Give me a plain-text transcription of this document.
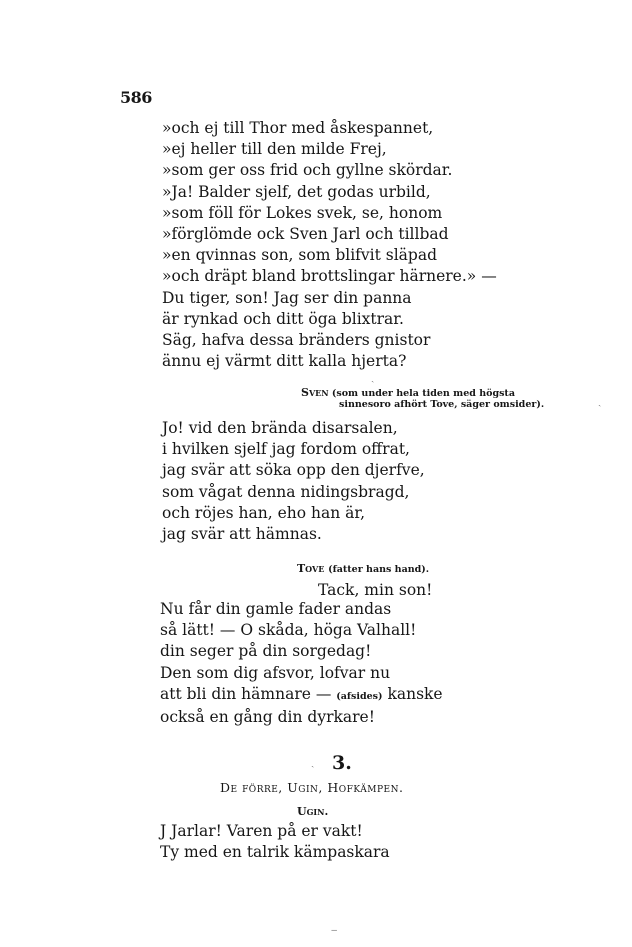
586
»och ej till Thor med åskespannet,
»ej heller till den milde Frej,
»som ger oss frid och gyllne skördar.
»Ja! Balder sjelf, det godas urbild,
»som föll för Lokes svek, se, honom
»förglömde ock Sven Jarl och tillbad
»en qvinnas son, som blifvit släpad
»och dräpt bland brottslingar härnere.» —
Du tiger, son! Jag ser din panna
är rynkad och ditt öga blixtrar.
Säg, hafva dessa bränders gnistor
ännu ej värmt ditt kalla hjerta?
Sven (som under hela tiden med högsta
sinnesoro afhört Tove, säger omsider).
Jo! vid den brända disarsalen,
i hvilken sjelf jag fordom offrat,
jag svär att söka opp den djerfve,
som vågat denna nidingsbragd,
och röjes han, eho han är,
jag svär att hämnas.
Tove (fatter hans hand).
Tack, min son!
Nu får din gamle fader andas
så lätt! — O skåda, höga Valhall!
din seger på din sorgedag!
Den som dig afsvor, lofvar nu
att bli din hämnare — (afsides) kanske
också en gång din dyrkare!
3.
De förre, Ugin, Hofkämpen.
Ugin.
J Jarlar! Varen på er vakt!
Ty med en talrik kämpaskara
ˏ
ˏ
ˏ
‒
